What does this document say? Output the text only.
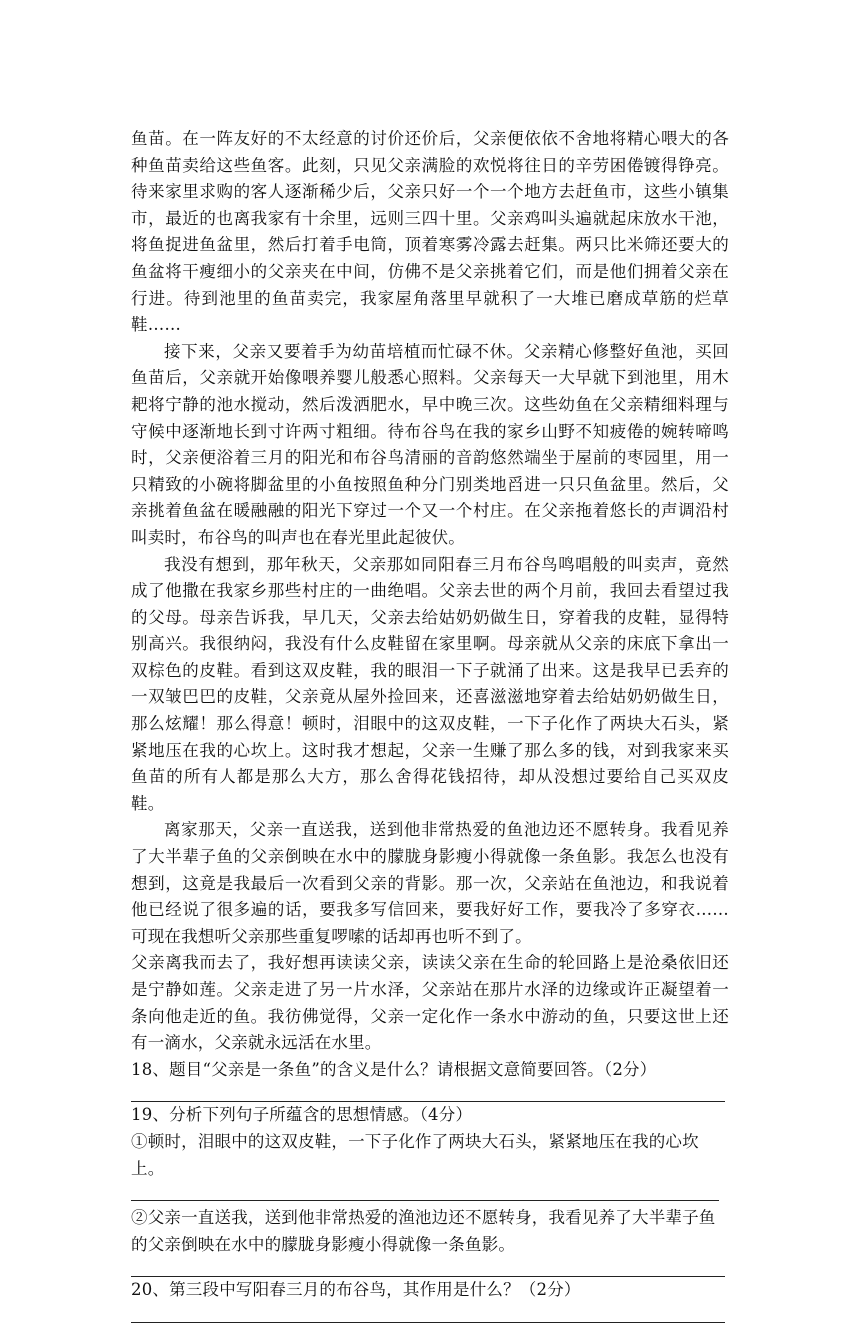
鱼苗。在一阵友好的不太经意的讨价还价后，父亲便依依不舍地将精心喂大的各种鱼苗卖给这些鱼客。此刻，只见父亲满脸的欢悦将往日的辛劳困倦镀得铮亮。待来家里求购的客人逐渐稀少后，父亲只好一个一个地方去赶鱼市，这些小镇集市，最近的也离我家有十余里，远则三四十里。父亲鸡叫头遍就起床放水干池，将鱼捉进鱼盆里，然后打着手电筒，顶着寒雾冷露去赶集。两只比米筛还要大的鱼盆将干瘦细小的父亲夹在中间，仿佛不是父亲挑着它们，而是他们拥着父亲在行进。待到池里的鱼苗卖完，我家屋角落里早就积了一大堆已磨成草筋的烂草鞋……

接下来，父亲又要着手为幼苗培植而忙碌不休。父亲精心修整好鱼池，买回鱼苗后，父亲就开始像喂养婴儿般悉心照料。父亲每天一大早就下到池里，用木耙将宁静的池水搅动，然后泼洒肥水，早中晚三次。这些幼鱼在父亲精细料理与守候中逐渐地长到寸许两寸粗细。待布谷鸟在我的家乡山野不知疲倦的婉转啼鸣时，父亲便浴着三月的阳光和布谷鸟清丽的音韵悠然端坐于屋前的枣园里，用一只精致的小碗将脚盆里的小鱼按照鱼种分门别类地舀进一只只鱼盆里。然后，父亲挑着鱼盆在暖融融的阳光下穿过一个又一个村庄。在父亲拖着悠长的声调沿村叫卖时，布谷鸟的叫声也在春光里此起彼伏。

我没有想到，那年秋天，父亲那如同阳春三月布谷鸟鸣唱般的叫卖声，竟然成了他撒在我家乡那些村庄的一曲绝唱。父亲去世的两个月前，我回去看望过我的父母。母亲告诉我，早几天，父亲去给姑奶奶做生日，穿着我的皮鞋，显得特别高兴。我很纳闷，我没有什么皮鞋留在家里啊。母亲就从父亲的床底下拿出一双棕色的皮鞋。看到这双皮鞋，我的眼泪一下子就涌了出来。这是我早已丢弃的一双皱巴巴的皮鞋，父亲竟从屋外捡回来，还喜滋滋地穿着去给姑奶奶做生日，那么炫耀！那么得意！顿时，泪眼中的这双皮鞋，一下子化作了两块大石头，紧紧地压在我的心坎上。这时我才想起，父亲一生赚了那么多的钱，对到我家来买鱼苗的所有人都是那么大方，那么舍得花钱招待，却从没想过要给自己买双皮鞋。

离家那天，父亲一直送我，送到他非常热爱的鱼池边还不愿转身。我看见养了大半辈子鱼的父亲倒映在水中的朦胧身影瘦小得就像一条鱼影。我怎么也没有想到，这竟是我最后一次看到父亲的背影。那一次，父亲站在鱼池边，和我说着他已经说了很多遍的话，要我多写信回来，要我好好工作，要我冷了多穿衣……可现在我想听父亲那些重复啰嗦的话却再也听不到了。

父亲离我而去了，我好想再读读父亲，读读父亲在生命的轮回路上是沧桑依旧还是宁静如莲。父亲走进了另一片水泽，父亲站在那片水泽的边缘或许正凝望着一条向他走近的鱼。我彷佛觉得，父亲一定化作一条水中游动的鱼，只要这世上还有一滴水，父亲就永远活在水里。

18、题目“父亲是一条鱼”的含义是什么？请根据文意简要回答。（2分）

19、分析下列句子所蕴含的思想情感。（4分）

①顿时，泪眼中的这双皮鞋，一下子化作了两块大石头，紧紧地压在我的心坎上。

②父亲一直送我，送到他非常热爱的渔池边还不愿转身，我看见养了大半辈子鱼的父亲倒映在水中的朦胧身影瘦小得就像一条鱼影。

20、第三段中写阳春三月的布谷鸟，其作用是什么？（2分）
